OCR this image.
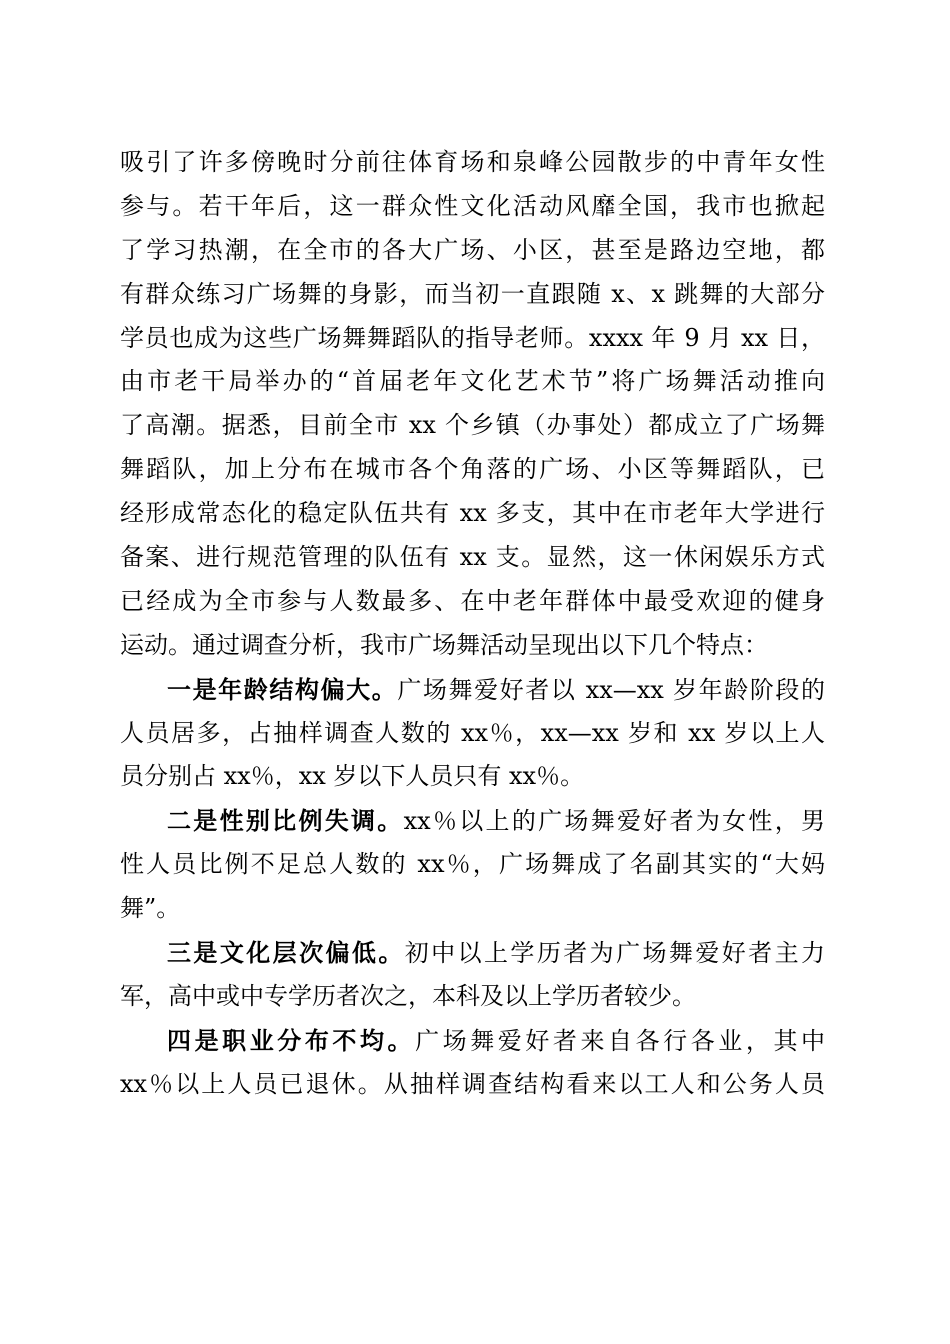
吸引了许多傍晚时分前往体育场和泉峰公园散步的中青年女性
参与。若干年后，这一群众性文化活动风靡全国，我市也掀起
了学习热潮，在全市的各大广场、小区，甚至是路边空地，都
有群众练习广场舞的身影，而当初一直跟随 x、x 跳舞的大部分
学员也成为这些广场舞舞蹈队的指导老师。xxxx 年 9 月 xx 日，
由市老干局举办的“首届老年文化艺术节”将广场舞活动推向
了高潮。据悉，目前全市 xx 个乡镇（办事处）都成立了广场舞
舞蹈队，加上分布在城市各个角落的广场、小区等舞蹈队，已
经形成常态化的稳定队伍共有 xx 多支，其中在市老年大学进行
备案、进行规范管理的队伍有 xx 支。显然，这一休闲娱乐方式
已经成为全市参与人数最多、在中老年群体中最受欢迎的健身
运动。通过调查分析，我市广场舞活动呈现出以下几个特点：
一是年龄结构偏大。广场舞爱好者以 xx—xx 岁年龄阶段的
人员居多，占抽样调查人数的 xx％，xx—xx 岁和 xx 岁以上人
员分别占 xx％，xx 岁以下人员只有 xx％。
二是性别比例失调。xx％以上的广场舞爱好者为女性，男
性人员比例不足总人数的 xx％，广场舞成了名副其实的“大妈
舞”。
三是文化层次偏低。初中以上学历者为广场舞爱好者主力
军，高中或中专学历者次之，本科及以上学历者较少。
四是职业分布不均。广场舞爱好者来自各行各业，其中
xx％以上人员已退休。从抽样调查结构看来以工人和公务人员
